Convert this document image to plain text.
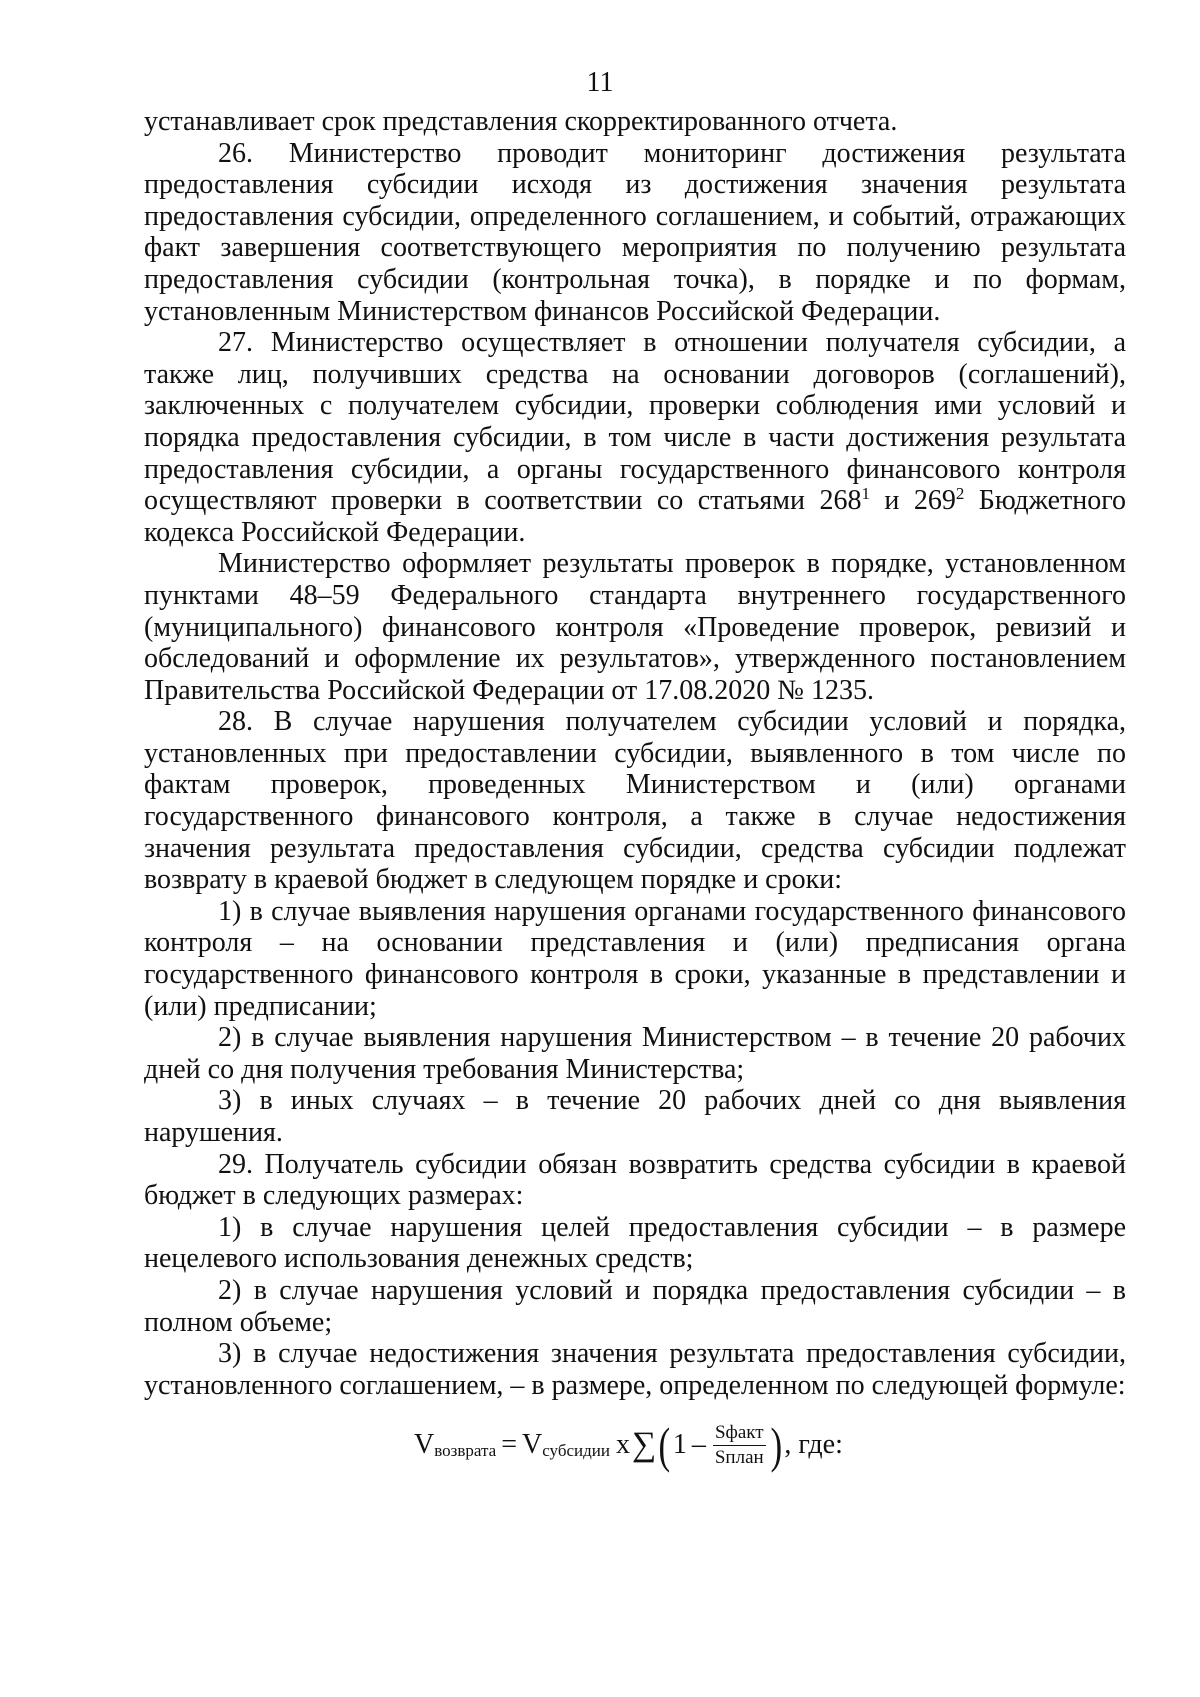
11

устанавливает срок представления скорректированного отчета.

26. Министерство проводит мониторинг достижения результата предоставления субсидии исходя из достижения значения результата предоставления субсидии, определенного соглашением, и событий, отражающих факт завершения соответствующего мероприятия по получению результата предоставления субсидии (контрольная точка), в порядке и по формам, установленным Министерством финансов Российской Федерации.

27. Министерство осуществляет в отношении получателя субсидии, а также лиц, получивших средства на основании договоров (соглашений), заключенных с получателем субсидии, проверки соблюдения ими условий и порядка предоставления субсидии, в том числе в части достижения результата предоставления субсидии, а органы государственного финансового контроля осуществляют проверки в соответствии со статьями $268^1$ и $269^2$ Бюджетного кодекса Российской Федерации.

Министерство оформляет результаты проверок в порядке, установленном пунктами 48–59 Федерального стандарта внутреннего государственного (муниципального) финансового контроля «Проведение проверок, ревизий и обследований и оформление их результатов», утвержденного постановлением Правительства Российской Федерации от 17.08.2020 № 1235.

28. В случае нарушения получателем субсидии условий и порядка, установленных при предоставлении субсидии, выявленного в том числе по фактам проверок, проведенных Министерством и (или) органами государственного финансового контроля, а также в случае недостижения значения результата предоставления субсидии, средства субсидии подлежат возврату в краевой бюджет в следующем порядке и сроки:

1) в случае выявления нарушения органами государственного финансового контроля – на основании представления и (или) предписания органа государственного финансового контроля в сроки, указанные в представлении и (или) предписании;

2) в случае выявления нарушения Министерством – в течение 20 рабочих дней со дня получения требования Министерства;

3) в иных случаях – в течение 20 рабочих дней со дня выявления нарушения.

29. Получатель субсидии обязан возвратить средства субсидии в краевой бюджет в следующих размерах:

1) в случае нарушения целей предоставления субсидии – в размере нецелевого использования денежных средств;

2) в случае нарушения условий и порядка предоставления субсидии – в полном объеме;

3) в случае недостижения значения результата предоставления субсидии, установленного соглашением, – в размере, определенном по следующей формуле:

V возврата = V субсидии x ∑ ( $1 - \frac{\text{Sфакт}}{\text{Sплан}}$ ) , где:
